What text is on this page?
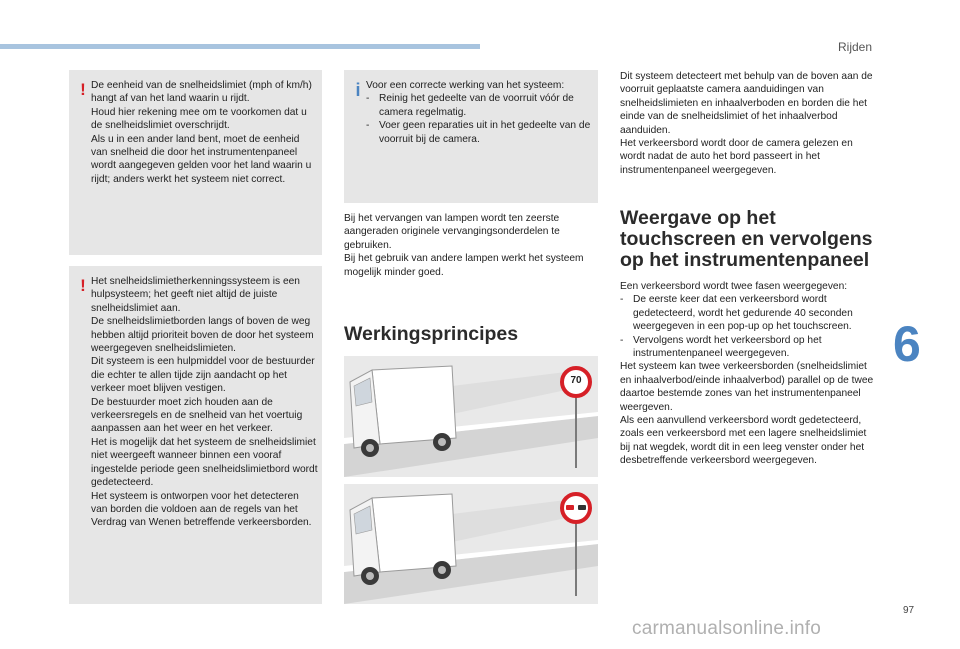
Rijden
6
97
! De eenheid van de snelheidslimiet (mph of km/h) hangt af van het land waarin u rijdt.

Houd hier rekening mee om te voorkomen dat u de snelheidslimiet overschrijdt.

Als u in een ander land bent, moet de eenheid van snelheid die door het instrumentenpaneel wordt aangegeven gelden voor het land waarin u rijdt; anders werkt het systeem niet correct.

! Het snelheidslimietherkenningssysteem is een hulpsysteem; het geeft niet altijd de juiste snelheidslimiet aan.

De snelheidslimietborden langs of boven de weg hebben altijd prioriteit boven de door het systeem weergegeven snelheidslimieten.

Dit systeem is een hulpmiddel voor de bestuurder die echter te allen tijde zijn aandacht op het verkeer moet blijven vestigen.

De bestuurder moet zich houden aan de verkeersregels en de snelheid van het voertuig aanpassen aan het weer en het verkeer.

Het is mogelijk dat het systeem de snelheidslimiet niet weergeeft wanneer binnen een vooraf ingestelde periode geen snelheidslimietbord wordt gedetecteerd.

Het systeem is ontworpen voor het detecteren van borden die voldoen aan de regels van het Verdrag van Wenen betreffende verkeersborden.

i Voor een correcte werking van het systeem:

- Reinig het gedeelte van de voorruit vóór de camera regelmatig.
- Voer geen reparaties uit in het gedeelte van de voorruit bij de camera.

Bij het vervangen van lampen wordt ten zeerste aangeraden originele vervangingsonderdelen te gebruiken.

Bij het gebruik van andere lampen werkt het systeem mogelijk minder goed.

Werkingsprincipes
70

Dit systeem detecteert met behulp van de boven aan de voorruit geplaatste camera aanduidingen van snelheidslimieten en inhaalverboden en borden die het einde van de snelheidslimiet of het inhaalverbod aanduiden.

Het verkeersbord wordt door de camera gelezen en wordt nadat de auto het bord passeert in het instrumentenpaneel weergegeven.

Weergave op het touchscreen en vervolgens op het instrumentenpaneel

Een verkeersbord wordt twee fasen weergegeven:

- De eerste keer dat een verkeersbord wordt gedetecteerd, wordt het gedurende 40 seconden weergegeven in een pop-up op het touchscreen.
- Vervolgens wordt het verkeersbord op het instrumentenpaneel weergegeven.

Het systeem kan twee verkeersborden (snelheidslimiet en inhaalverbod/einde inhaalverbod) parallel op de twee daartoe bestemde zones van het instrumentenpaneel weergeven.

Als een aanvullend verkeersbord wordt gedetecteerd, zoals een verkeersbord met een lagere snelheidslimiet bij nat wegdek, wordt dit in een leeg venster onder het desbetreffende verkeersbord weergegeven.

carmanualsonline.info
